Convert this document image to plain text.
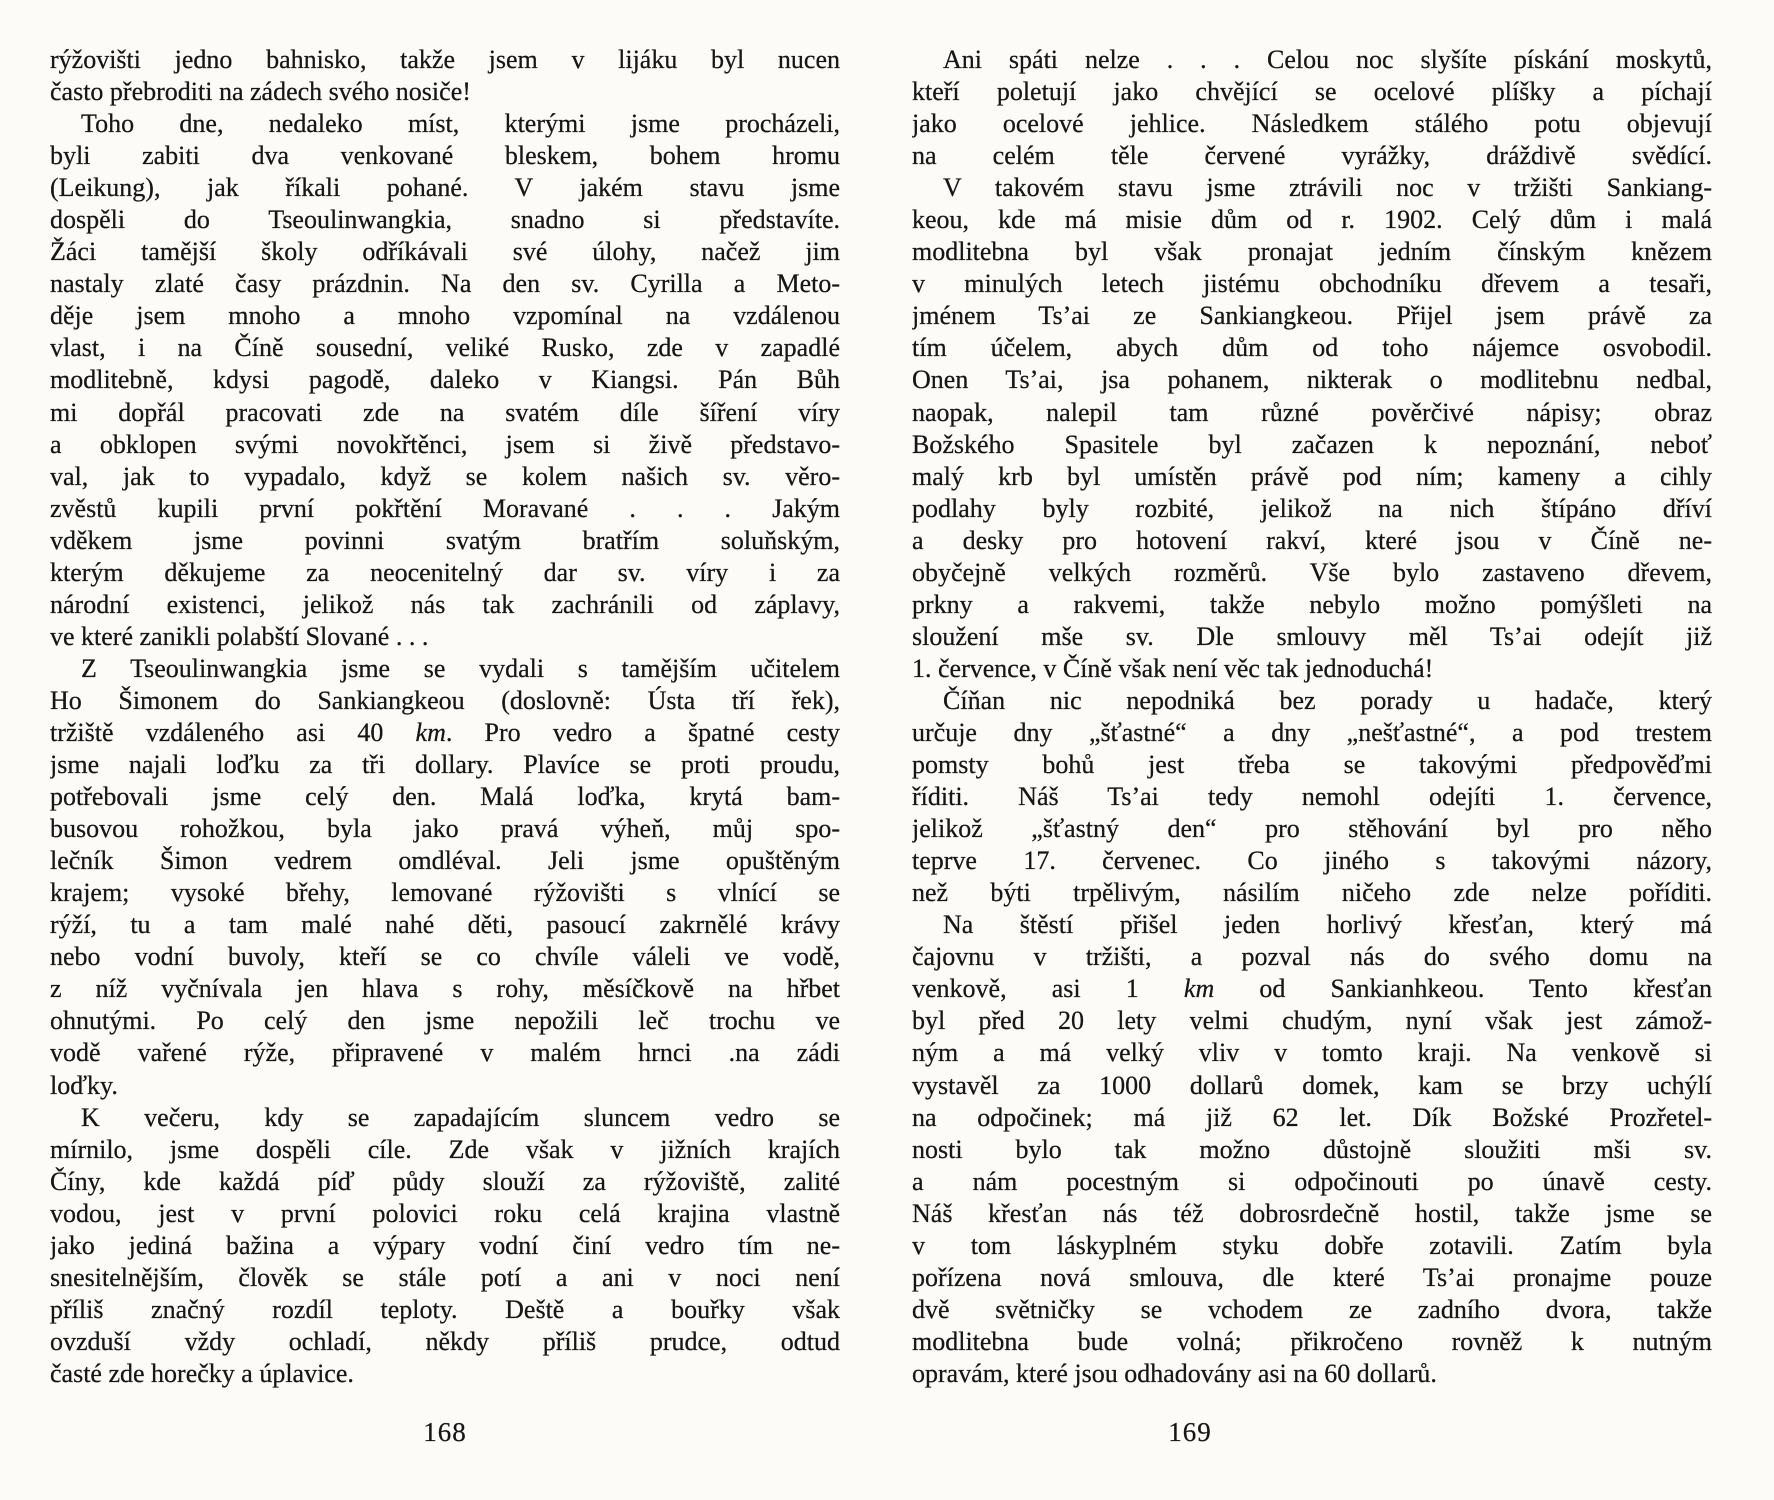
rýžovišti jedno bahnisko, takže jsem v lijáku byl nucen
často přebroditi na zádech svého nosiče!
Toho dne, nedaleko míst, kterými jsme procházeli,
byli zabiti dva venkované bleskem, bohem hromu
(Leikung), jak říkali pohané. V jakém stavu jsme
dospěli do Tseoulinwangkia, snadno si představíte.
Žáci tamější školy odříkávali své úlohy, načež jim
nastaly zlaté časy prázdnin. Na den sv. Cyrilla a Meto-
děje jsem mnoho a mnoho vzpomínal na vzdálenou
vlast, i na Číně sousední, veliké Rusko, zde v zapadlé
modlitebně, kdysi pagodě, daleko v Kiangsi. Pán Bůh
mi dopřál pracovati zde na svatém díle šíření víry
a obklopen svými novokřtěnci, jsem si živě představo-
val, jak to vypadalo, když se kolem našich sv. věro-
zvěstů kupili první pokřtění Moravané . . . Jakým
vděkem jsme povinni svatým bratřím soluňským,
kterým děkujeme za neocenitelný dar sv. víry i za
národní existenci, jelikož nás tak zachránili od záplavy,
ve které zanikli polabští Slované . . .
Z Tseoulinwangkia jsme se vydali s tamějším učitelem
Ho Šimonem do Sankiangkeou (doslovně: Ústa tří řek),
tržiště vzdáleného asi 40 km. Pro vedro a špatné cesty
jsme najali loďku za tři dollary. Plavíce se proti proudu,
potřebovali jsme celý den. Malá loďka, krytá bam-
busovou rohožkou, byla jako pravá výheň, můj spo-
lečník Šimon vedrem omdléval. Jeli jsme opuštěným
krajem; vysoké břehy, lemované rýžovišti s vlnící se
rýží, tu a tam malé nahé děti, pasoucí zakrnělé krávy
nebo vodní buvoly, kteří se co chvíle váleli ve vodě,
z níž vyčnívala jen hlava s rohy, měsíčkově na hřbet
ohnutými. Po celý den jsme nepožili leč trochu ve
vodě vařené rýže, připravené v malém hrnci .na zádi
loďky.
K večeru, kdy se zapadajícím sluncem vedro se
mírnilo, jsme dospěli cíle. Zde však v jižních krajích
Číny, kde každá píď půdy slouží za rýžoviště, zalité
vodou, jest v první polovici roku celá krajina vlastně
jako jediná bažina a výpary vodní činí vedro tím ne-
snesitelnějším, člověk se stále potí a ani v noci není
příliš značný rozdíl teploty. Deště a bouřky však
ovzduší vždy ochladí, někdy příliš prudce, odtud
časté zde horečky a úplavice.
Ani spáti nelze . . . Celou noc slyšíte pískání moskytů,
kteří poletují jako chvějící se ocelové plíšky a píchají
jako ocelové jehlice. Následkem stálého potu objevují
na celém těle červené vyrážky, dráždivě svědící.
V takovém stavu jsme ztrávili noc v tržišti Sankiang-
keou, kde má misie dům od r. 1902. Celý dům i malá
modlitebna byl však pronajat jedním čínským knězem
v minulých letech jistému obchodníku dřevem a tesaři,
jménem Ts’ai ze Sankiangkeou. Přijel jsem právě za
tím účelem, abych dům od toho nájemce osvobodil.
Onen Ts’ai, jsa pohanem, nikterak o modlitebnu nedbal,
naopak, nalepil tam různé pověrčivé nápisy; obraz
Božského Spasitele byl začazen k nepoznání, neboť
malý krb byl umístěn právě pod ním; kameny a cihly
podlahy byly rozbité, jelikož na nich štípáno dříví
a desky pro hotovení rakví, které jsou v Číně ne-
obyčejně velkých rozměrů. Vše bylo zastaveno dřevem,
prkny a rakvemi, takže nebylo možno pomýšleti na
sloužení mše sv. Dle smlouvy měl Ts’ai odejít již
1. července, v Číně však není věc tak jednoduchá!
Číňan nic nepodniká bez porady u hadače, který
určuje dny „šťastné“ a dny „nešťastné“, a pod trestem
pomsty bohů jest třeba se takovými předpověďmi
říditi. Náš Ts’ai tedy nemohl odejíti 1. července,
jelikož „šťastný den“ pro stěhování byl pro něho
teprve 17. červenec. Co jiného s takovými názory,
než býti trpělivým, násilím ničeho zde nelze poříditi.
Na štěstí přišel jeden horlivý křesťan, který má
čajovnu v tržišti, a pozval nás do svého domu na
venkově, asi 1 km od Sankianhkeou. Tento křesťan
byl před 20 lety velmi chudým, nyní však jest zámož-
ným a má velký vliv v tomto kraji. Na venkově si
vystavěl za 1000 dollarů domek, kam se brzy uchýlí
na odpočinek; má již 62 let. Dík Božské Prozřetel-
nosti bylo tak možno důstojně sloužiti mši sv.
a nám pocestným si odpočinouti po únavě cesty.
Náš křesťan nás též dobrosrdečně hostil, takže jsme se
v tom láskyplném styku dobře zotavili. Zatím byla
pořízena nová smlouva, dle které Ts’ai pronajme pouze
dvě světničky se vchodem ze zadního dvora, takže
modlitebna bude volná; přikročeno rovněž k nutným
opravám, které jsou odhadovány asi na 60 dollarů.
168	169
